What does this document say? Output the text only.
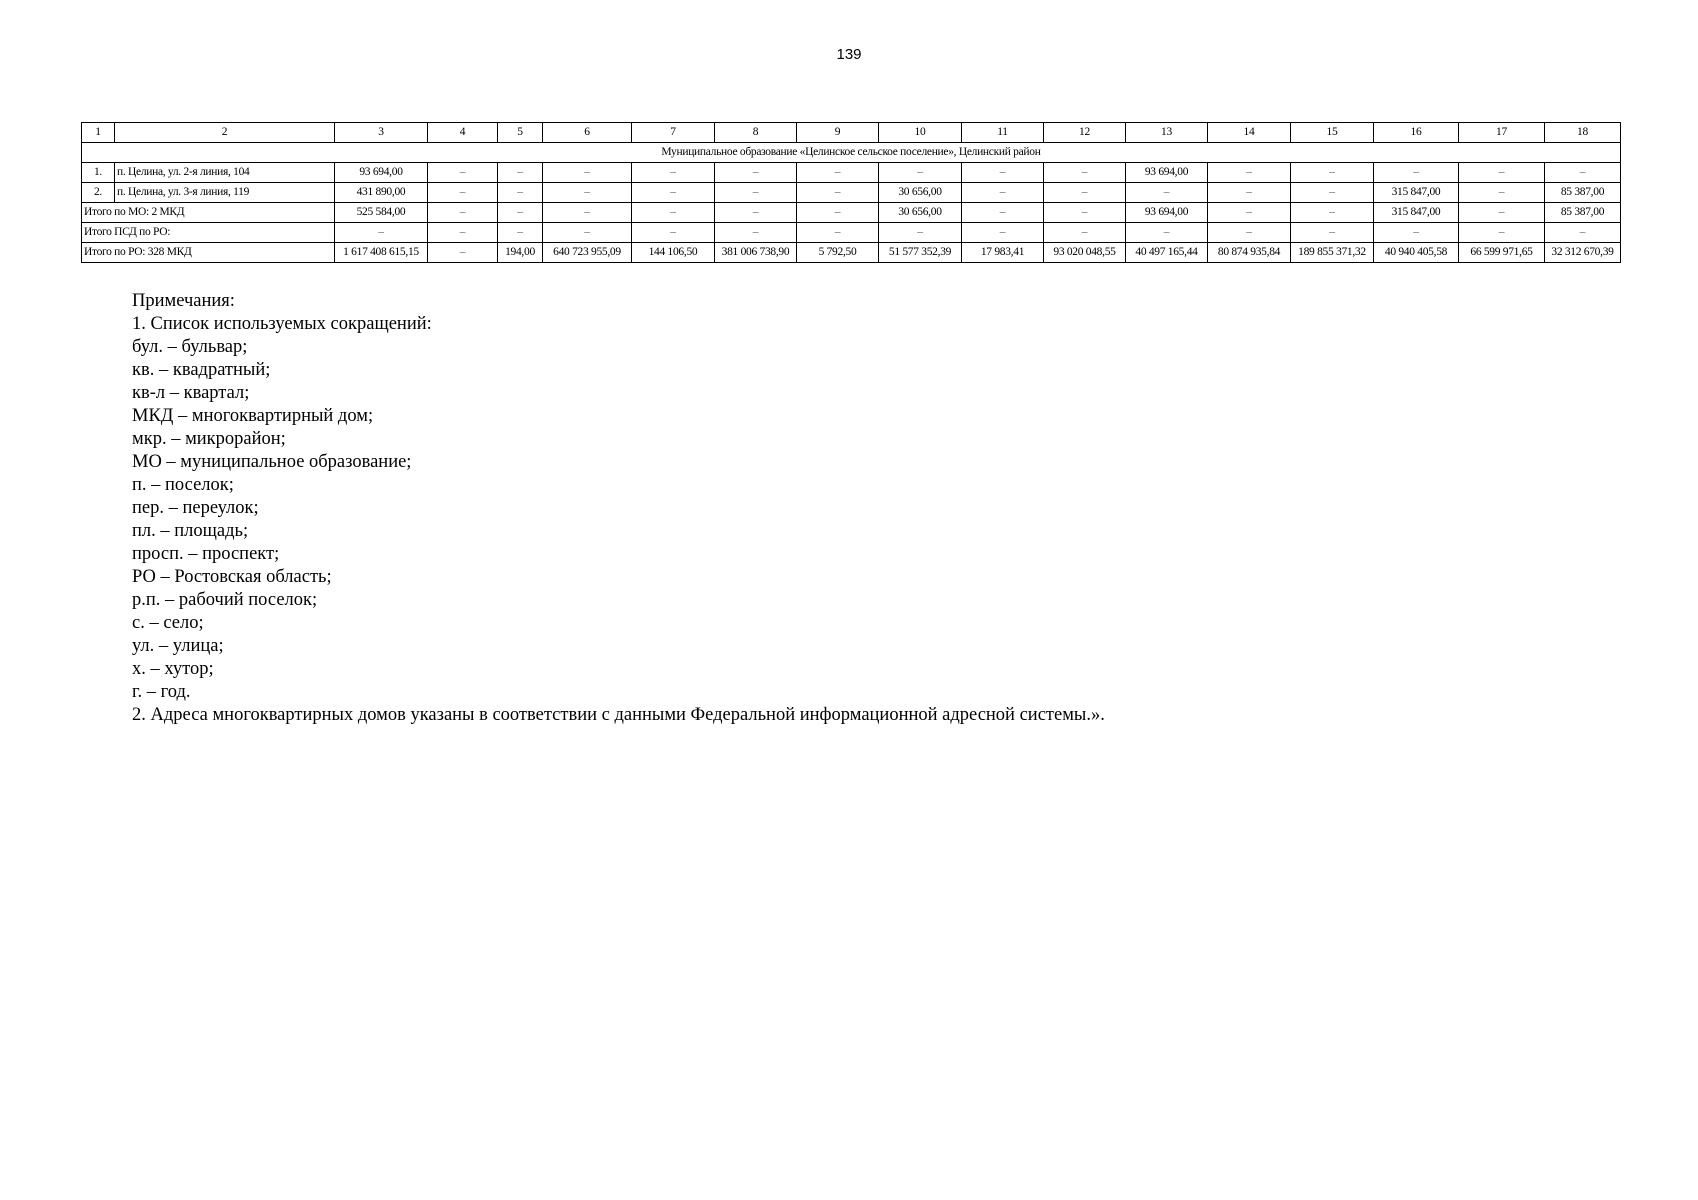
139
1	2	3	4	5	6	7	8	9	10	11	12	13	14	15	16	17	18
Муниципальное образование «Целинское сельское поселение», Целинский район																	
1.	п. Целина, ул. 2-я линия, 104	93 694,00	–	–	–	–	–	–	–	–	–	93 694,00	–	–	–	–	–
2.	п. Целина, ул. 3-я линия, 119	431 890,00	–	–	–	–	–	–	30 656,00	–	–	–	–	–	315 847,00	–	85 387,00
Итого по МО: 2 МКД		525 584,00	–	–	–	–	–	–	30 656,00	–	–	93 694,00	–	–	315 847,00	–	85 387,00
Итого ПСД по РО:		–	–	–	–	–	–	–	–	–	–	–	–	–	–	–	–
Итого по РО: 328 МКД		1 617 408 615,15	–	194,00	640 723 955,09	144 106,50	381 006 738,90	5 792,50	51 577 352,39	17 983,41	93 020 048,55	40 497 165,44	80 874 935,84	189 855 371,32	40 940 405,58	66 599 971,65	32 312 670,39
Примечания:
1. Список используемых сокращений:
бул. – бульвар;
кв. – квадратный;
кв-л – квартал;
МКД – многоквартирный дом;
мкр. – микрорайон;
МО – муниципальное образование;
п. – поселок;
пер. – переулок;
пл. – площадь;
просп. – проспект;
РО – Ростовская область;
р.п. – рабочий поселок;
с. – село;
ул. – улица;
х. – хутор;
г. – год.
2. Адреса многоквартирных домов указаны в соответствии с данными Федеральной информационной адресной системы.».
